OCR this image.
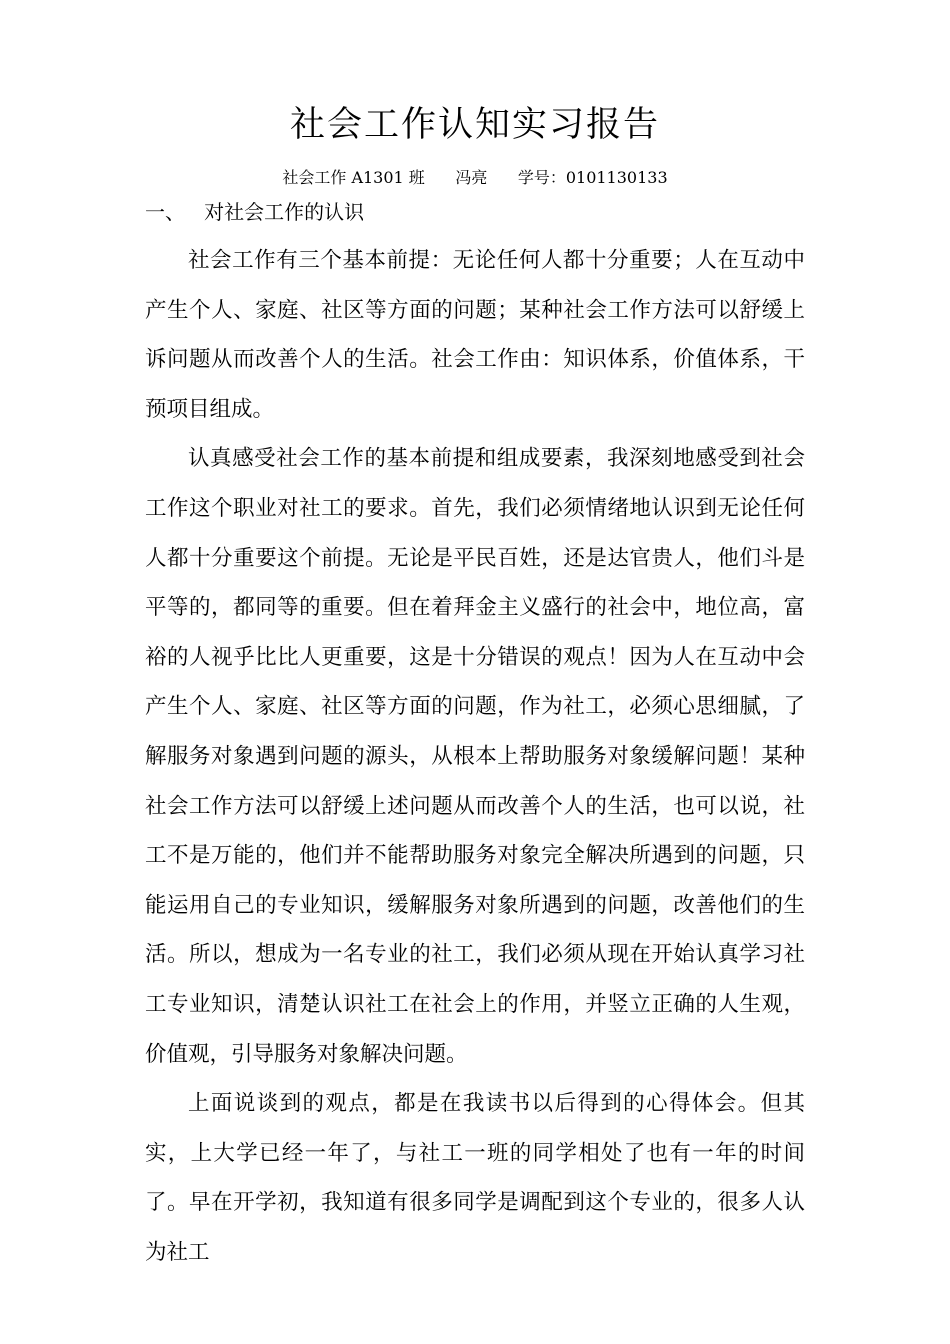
社会工作认知实习报告
社会工作 A1301 班      冯亮      学号：0101130133
一、   对社会工作的认识

社会工作有三个基本前提：无论任何人都十分重要；人在互动中产生个人、家庭、社区等方面的问题；某种社会工作方法可以舒缓上诉问题从而改善个人的生活。社会工作由：知识体系，价值体系，干预项目组成。

认真感受社会工作的基本前提和组成要素，我深刻地感受到社会工作这个职业对社工的要求。首先，我们必须情绪地认识到无论任何人都十分重要这个前提。无论是平民百姓，还是达官贵人，他们斗是平等的，都同等的重要。但在着拜金主义盛行的社会中，地位高，富裕的人视乎比比人更重要，这是十分错误的观点！因为人在互动中会产生个人、家庭、社区等方面的问题，作为社工，必须心思细腻，了解服务对象遇到问题的源头，从根本上帮助服务对象缓解问题！某种社会工作方法可以舒缓上述问题从而改善个人的生活，也可以说，社工不是万能的，他们并不能帮助服务对象完全解决所遇到的问题，只能运用自己的专业知识，缓解服务对象所遇到的问题，改善他们的生活。所以，想成为一名专业的社工，我们必须从现在开始认真学习社工专业知识，清楚认识社工在社会上的作用，并竖立正确的人生观，价值观，引导服务对象解决问题。

上面说谈到的观点，都是在我读书以后得到的心得体会。但其实，上大学已经一年了，与社工一班的同学相处了也有一年的时间了。早在开学初，我知道有很多同学是调配到这个专业的，很多人认为社工
